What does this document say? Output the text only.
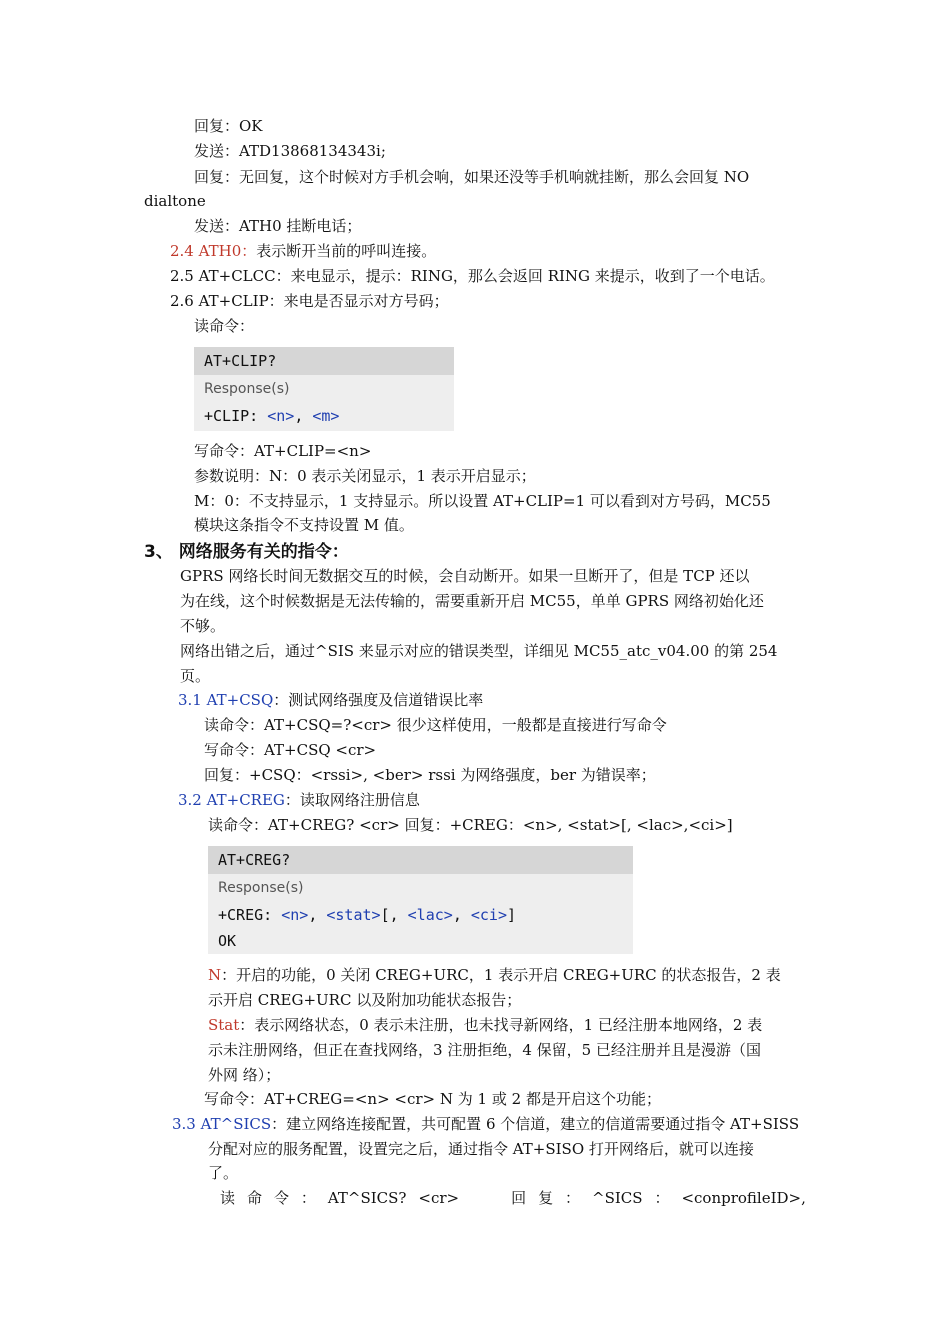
回复：OK
发送：ATD13868134343i;
回复：无回复，这个时候对方手机会响，如果还没等手机响就挂断，那么会回复 NO
dialtone
发送：ATH0 挂断电话；
2.4 ATH0：表示断开当前的呼叫连接。
2.5 AT+CLCC：来电显示，提示：RING，那么会返回 RING 来提示，收到了一个电话。
2.6 AT+CLIP：来电是否显示对方号码；
读命令：
AT+CLIP?
Response(s)
+CLIP: <n>, <m>
写命令：AT+CLIP=<n>
参数说明：N：0 表示关闭显示，1 表示开启显示；
M：0：不支持显示，1 支持显示。所以设置 AT+CLIP=1 可以看到对方号码，MC55
模块这条指令不支持设置 M 值。
3、 网络服务有关的指令：
GPRS 网络长时间无数据交互的时候，会自动断开。如果一旦断开了，但是 TCP 还以
为在线，这个时候数据是无法传输的，需要重新开启 MC55，单单 GPRS 网络初始化还
不够。
网络出错之后，通过^SIS 来显示对应的错误类型，详细见 MC55_atc_v04.00 的第 254
页。
3.1 AT+CSQ：测试网络强度及信道错误比率
读命令：AT+CSQ=?<cr> 很少这样使用，一般都是直接进行写命令
写命令：AT+CSQ <cr>
回复：+CSQ：<rssi>, <ber> rssi 为网络强度，ber 为错误率；
3.2 AT+CREG：读取网络注册信息
读命令：AT+CREG? <cr> 回复：+CREG：<n>, <stat>[, <lac>,<ci>]
AT+CREG?
Response(s)
+CREG: <n>, <stat>[, <lac>, <ci>]
OK
N：开启的功能，0 关闭 CREG+URC，1 表示开启 CREG+URC 的状态报告，2 表
示开启 CREG+URC 以及附加功能状态报告；
Stat：表示网络状态，0 表示未注册，也未找寻新网络，1 已经注册本地网络，2 表
示未注册网络，但正在查找网络，3 注册拒绝，4 保留，5 已经注册并且是漫游（国
外网 络）；
写命令：AT+CREG=<n> <cr> N 为 1 或 2 都是开启这个功能；
3.3 AT^SICS：建立网络连接配置，共可配置 6 个信道，建立的信道需要通过指令 AT+SISS
分配对应的服务配置，设置完之后，通过指令 AT+SISO 打开网络后，就可以连接
了。
读 命 令 ： AT^SICS? <cr>	回 复 ： ^SICS ： <conprofileID>,
